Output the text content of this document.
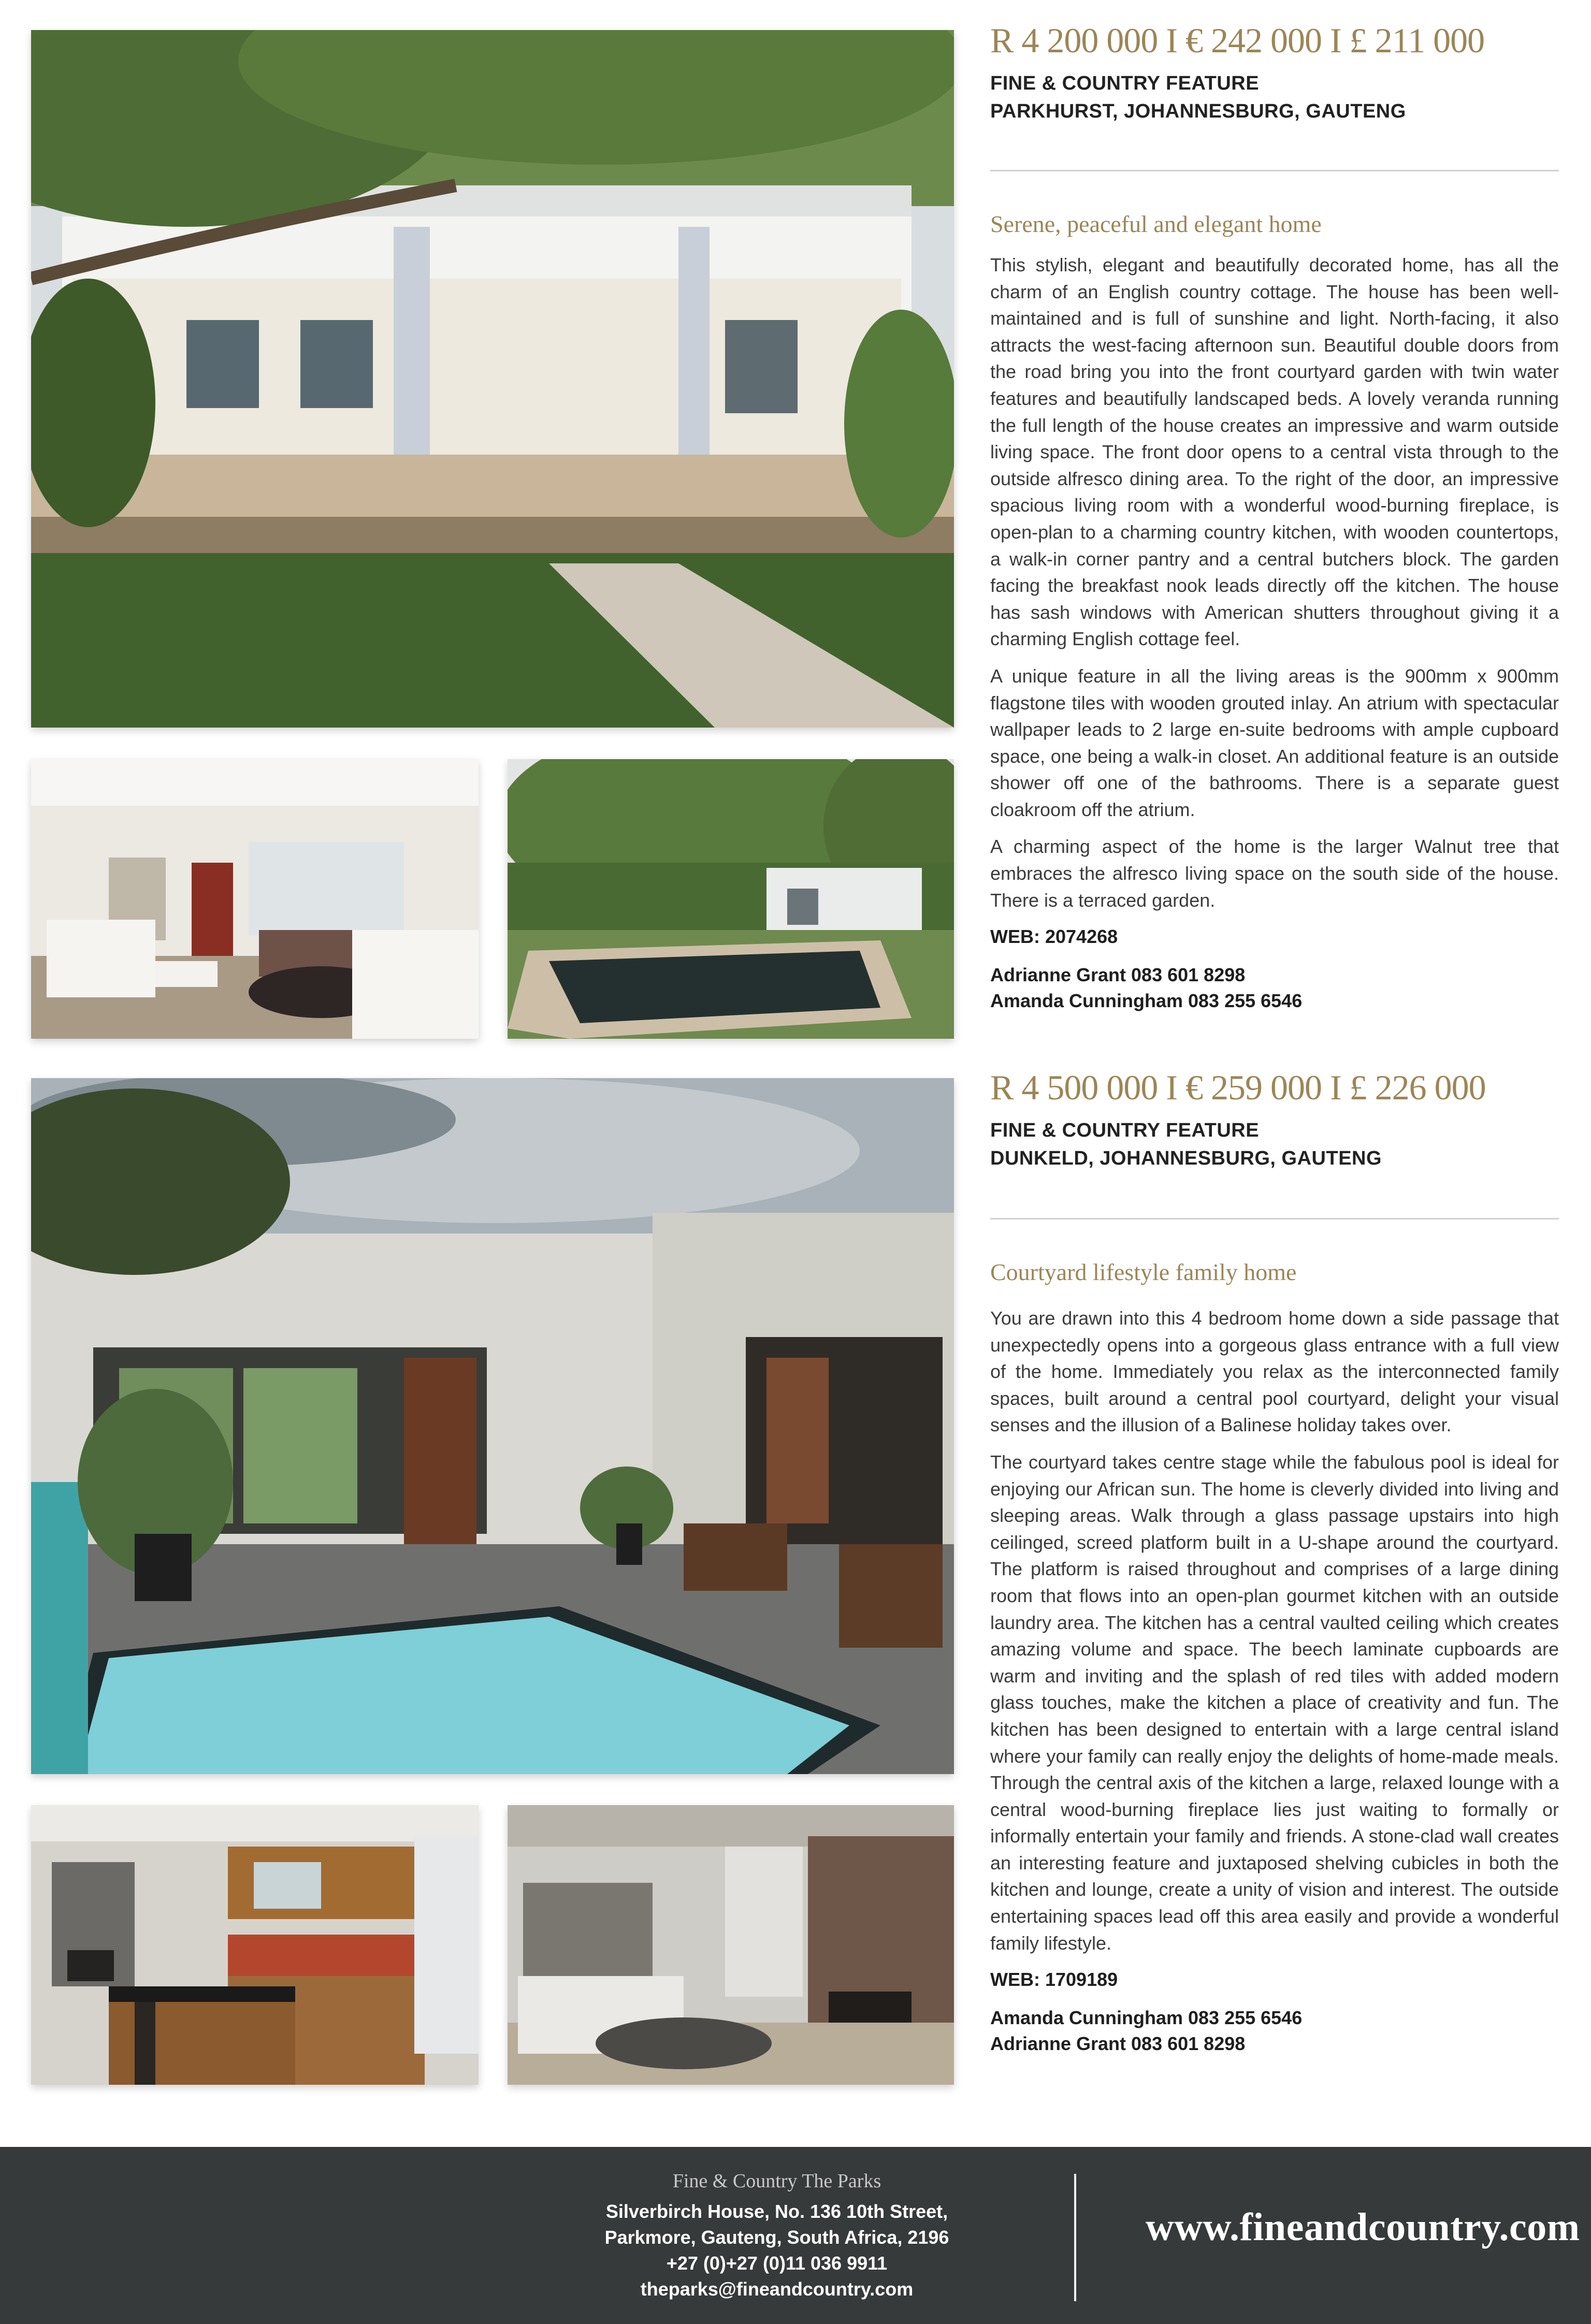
R 4 200 000 I € 242 000 I £ 211 000
FINE & COUNTRY FEATURE
PARKHURST, JOHANNESBURG, GAUTENG
Serene, peaceful and elegant home

This stylish, elegant and beautifully decorated home, has all the charm of an English country cottage. The house has been well-maintained and is full of sunshine and light. North-facing, it also attracts the west-facing afternoon sun. Beautiful double doors from the road bring you into the front courtyard garden with twin water features and beautifully landscaped beds. A lovely veranda running the full length of the house creates an impressive and warm outside living space. The front door opens to a central vista through to the outside alfresco dining area. To the right of the door, an impressive spacious living room with a wonderful wood-burning fireplace, is open-plan to a charming country kitchen, with wooden countertops, a walk-in corner pantry and a central butchers block. The garden facing the breakfast nook leads directly off the kitchen. The house has sash windows with American shutters throughout giving it a charming English cottage feel.

A unique feature in all the living areas is the 900mm x 900mm flagstone tiles with wooden grouted inlay. An atrium with spectacular wallpaper leads to 2 large en-suite bedrooms with ample cupboard space, one being a walk-in closet. An additional feature is an outside shower off one of the bathrooms. There is a separate guest cloakroom off the atrium.

A charming aspect of the home is the larger Walnut tree that embraces the alfresco living space on the south side of the house. There is a terraced garden.

WEB: 2074268
Adrianne Grant 083 601 8298
Amanda Cunningham 083 255 6546
R 4 500 000 I € 259 000 I £ 226 000
FINE & COUNTRY FEATURE
DUNKELD, JOHANNESBURG, GAUTENG
Courtyard lifestyle family home

You are drawn into this 4 bedroom home down a side passage that unexpectedly opens into a gorgeous glass entrance with a full view of the home. Immediately you relax as the interconnected family spaces, built around a central pool courtyard, delight your visual senses and the illusion of a Balinese holiday takes over.

The courtyard takes centre stage while the fabulous pool is ideal for enjoying our African sun. The home is cleverly divided into living and sleeping areas. Walk through a glass passage upstairs into high ceilinged, screed platform built in a U-shape around the courtyard. The platform is raised throughout and comprises of a large dining room that flows into an open-plan gourmet kitchen with an outside laundry area. The kitchen has a central vaulted ceiling which creates amazing volume and space. The beech laminate cupboards are warm and inviting and the splash of red tiles with added modern glass touches, make the kitchen a place of creativity and fun. The kitchen has been designed to entertain with a large central island where your family can really enjoy the delights of home-made meals. Through the central axis of the kitchen a large, relaxed lounge with a central wood-burning fireplace lies just waiting to formally or informally entertain your family and friends. A stone-clad wall creates an interesting feature and juxtaposed shelving cubicles in both the kitchen and lounge, create a unity of vision and interest. The outside entertaining spaces lead off this area easily and provide a wonderful family lifestyle.

WEB: 1709189
Amanda Cunningham 083 255 6546
Adrianne Grant 083 601 8298
Fine & Country The Parks
Silverbirch House, No. 136 10th Street,
Parkmore, Gauteng, South Africa, 2196
+27 (0)+27 (0)11 036 9911
theparks@fineandcountry.com
www.fineandcountry.com
